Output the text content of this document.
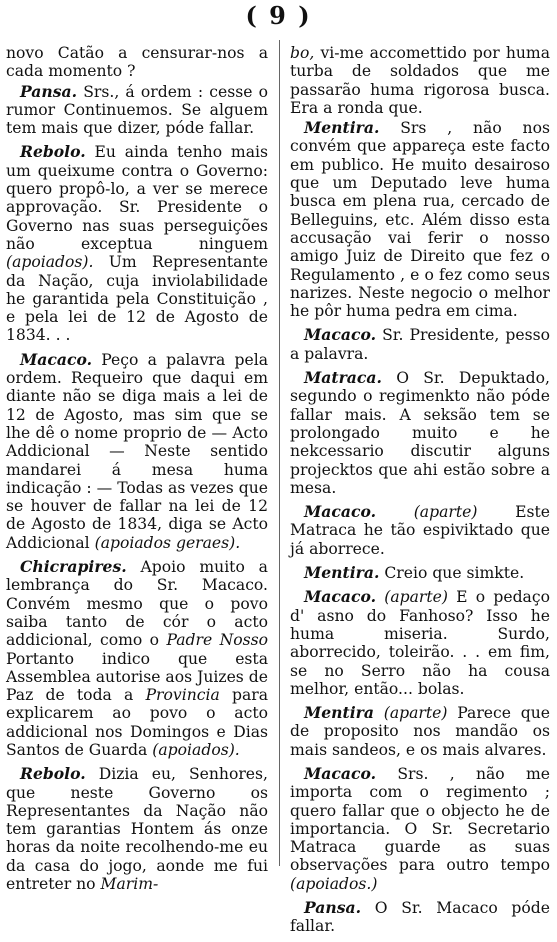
( 9 )

novo Catão a censurar-nos a cada momento ?

Pansa. Srs., á ordem : cesse o rumor Continuemos. Se alguem tem mais que dizer, póde fallar.

Rebolo. Eu ainda tenho mais um queixume contra o Governo: quero propô-lo, a ver se merece approvação. Sr. Presidente o Governo nas suas perseguições não exceptua ninguem (apoiados). Um Representante da Nação, cuja inviolabilidade he garantida pela Constituição , e pela lei de 12 de Agosto de 1834. . .

Macaco. Peço a palavra pela ordem. Requeiro que daqui em diante não se diga mais a lei de 12 de Agosto, mas sim que se lhe dê o nome proprio de — Acto Addicional — Neste sentido mandarei á mesa huma indicação : — Todas as vezes que se houver de fallar na lei de 12 de Agosto de 1834, diga se Acto Addicional (apoiados geraes).

Chicrapires. Apoio muito a lembrança do Sr. Macaco. Convém mesmo que o povo saiba tanto de cór o acto addicional, como o Padre Nosso Portanto indico que esta Assemblea autorise aos Juizes de Paz de toda a Provincia para explicarem ao povo o acto addicional nos Domingos e Dias Santos de Guarda (apoiados).

Rebolo. Dizia eu, Senhores, que neste Governo os Representantes da Nação não tem garantias Hontem ás onze horas da noite recolhendo-me eu da casa do jogo, aonde me fui entreter no Marim-

bo, vi-me accomettido por huma turba de soldados que me passarão huma rigorosa busca. Era a ronda que.

Mentira. Srs , não nos convém que appareça este facto em publico. He muito desairoso que um Deputado leve huma busca em plena rua, cercado de Belleguins, etc. Além disso esta accusação vai ferir o nosso amigo Juiz de Direito que fez o Regulamento , e o fez como seus narizes. Neste negocio o melhor he pôr huma pedra em cima.

Macaco. Sr. Presidente, pesso a palavra.

Matraca. O Sr. Depuktado, segundo o regimenkto não póde fallar mais. A seksão tem se prolongado muito e he nekcessario discutir alguns projecktos que ahi estão sobre a mesa.

Macaco. (aparte) Este Matraca he tão espiviktado que já aborrece.

Mentira. Creio que simkte.

Macaco. (aparte) E o pedaço d' asno do Fanhoso? Isso he huma miseria. Surdo, aborrecido, toleirão. . . em fim, se no Serro não ha cousa melhor, então... bolas.

Mentira (aparte) Parece que de proposito nos mandão os mais sandeos, e os mais alvares.

Macaco. Srs. , não me importa com o regimento ; quero fallar que o objecto he de importancia. O Sr. Secretario Matraca guarde as suas observações para outro tempo (apoiados.)

Pansa. O Sr. Macaco póde fallar.
